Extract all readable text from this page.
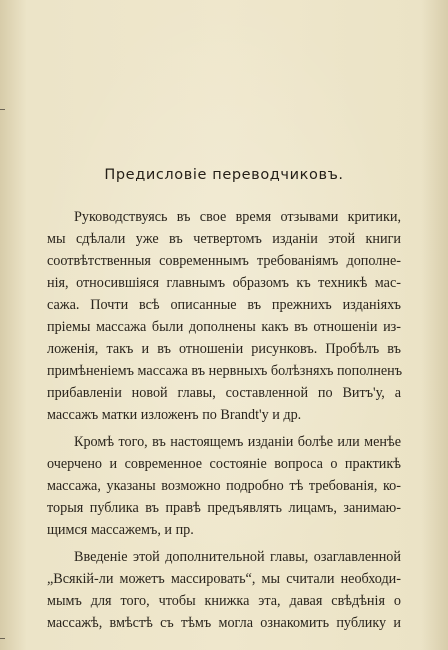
Предисловіе переводчиковъ.
Руководствуясь въ свое время отзывами критики,
мы сдѣлали уже въ четвертомъ изданіи этой книги
соотвѣтственныя современнымъ требованіямъ дополне-
нія, относившіяся главнымъ образомъ къ техникѣ мас-
сажа. Почти всѣ описанные въ прежнихъ изданіяхъ
пріемы массажа были дополнены какъ въ отношеніи из-
ложенія, такъ и въ отношеніи рисунковъ. Пробѣлъ въ
примѣненіемъ массажа въ нервныхъ болѣзняхъ пополненъ
прибавленіи новой главы, составленной по Витъ'у, а
массажъ матки изложенъ по Brandt'у и др.
Кромѣ того, въ настоящемъ изданіи болѣе или менѣе
очерчено и современное состояніе вопроса о практикѣ
массажа, указаны возможно подробно тѣ требованія, ко-
торыя публика въ правѣ предъявлять лицамъ, занимаю-
щимся массажемъ, и пр.
Введеніе этой дополнительной главы, озаглавленной
„Всякій-ли можетъ массировать“, мы считали необходи-
мымъ для того, чтобы книжка эта, давая свѣдѣнія о
массажѣ, вмѣстѣ съ тѣмъ могла ознакомить публику и
